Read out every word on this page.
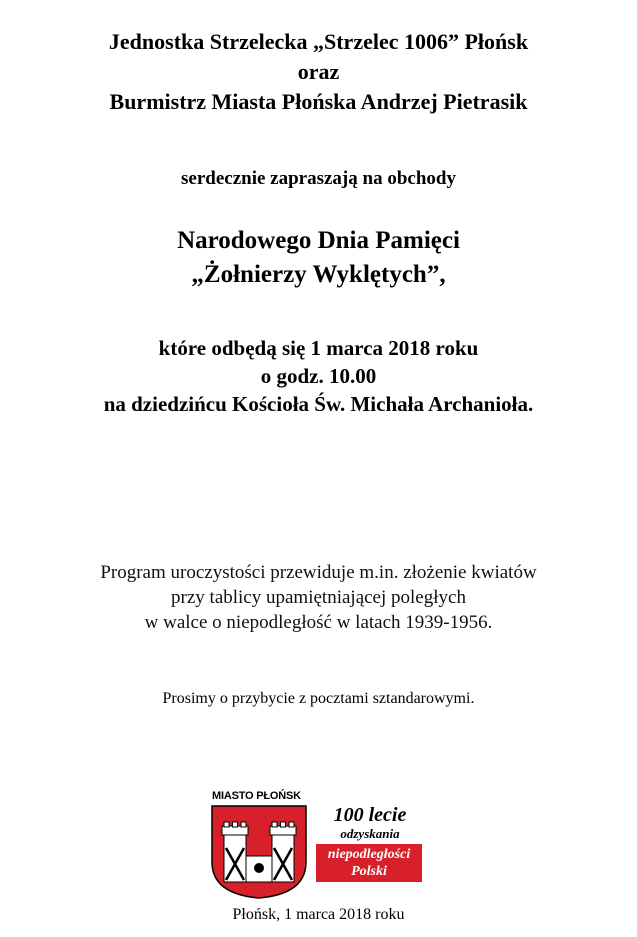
Jednostka Strzelecka „Strzelec 1006” Płońsk
oraz
Burmistrz Miasta Płońska Andrzej Pietrasik
serdecznie zapraszają na obchody
Narodowego Dnia Pamięci
„Żołnierzy Wyklętych”,
które odbędą się 1 marca 2018 roku
o godz. 10.00
na dziedzińcu Kościoła Św. Michała Archanioła.
Program uroczystości przewiduje m.in. złożenie kwiatów
przy tablicy upamiętniającej poległych
w walce o niepodległość w latach 1939-1956.
Prosimy o przybycie z pocztami sztandarowymi.
MIASTO PŁOŃSK
100 lecie
odzyskania
niepodległości
Polski
Płońsk, 1 marca 2018 roku
